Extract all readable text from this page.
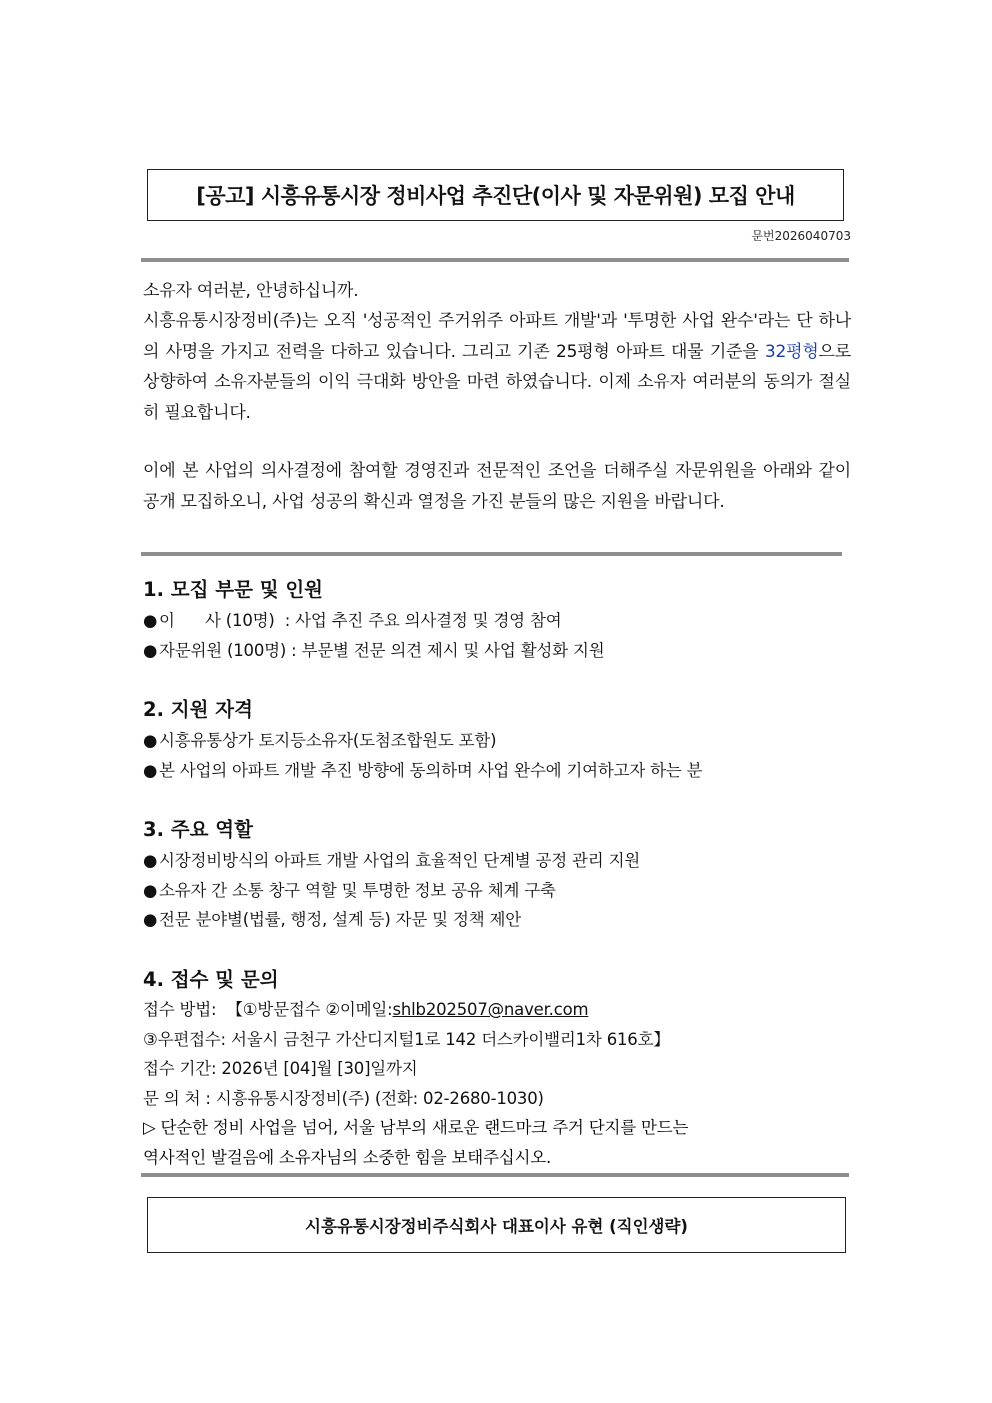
[공고] 시흥유통시장 정비사업 추진단(이사 및 자문위원) 모집 안내
문번2026040703

소유자 여러분, 안녕하십니까.

시흥유통시장정비(주)는 오직 '성공적인 주거위주 아파트 개발'과 '투명한 사업 완수'라는 단 하나의 사명을 가지고 전력을 다하고 있습니다. 그리고 기존 25평형 아파트 대물 기준을 32평형으로 상향하여 소유자분들의 이익 극대화 방안을 마련 하였습니다. 이제 소유자 여러분의 동의가 절실히 필요합니다.

이에 본 사업의 의사결정에 참여할 경영진과 전문적인 조언을 더해주실 자문위원을 아래와 같이 공개 모집하오니, 사업 성공의 확신과 열정을 가진 분들의 많은 지원을 바랍니다.

1. 모집 부문 및 인원
● 이      사 (10명)  : 사업 추진 주요 의사결정 및 경영 참여
● 자문위원 (100명) : 부문별 전문 의견 제시 및 사업 활성화 지원
2. 지원 자격
● 시흥유통상가 토지등소유자(도첨조합원도 포함)
● 본 사업의 아파트 개발 추진 방향에 동의하며 사업 완수에 기여하고자 하는 분
3. 주요 역할
● 시장정비방식의 아파트 개발 사업의 효율적인 단계별 공정 관리 지원
● 소유자 간 소통 창구 역할 및 투명한 정보 공유 체계 구축
● 전문 분야별(법률, 행정, 설계 등) 자문 및 정책 제안
4. 접수 및 문의
접수 방법:  【①방문접수 ②이메일:shlb202507@naver.com
③우편접수: 서울시 금천구 가산디지털1로 142 더스카이밸리1차 616호】
접수 기간: 2026년 [04]월 [30]일까지
문 의 처 : 시흥유통시장정비(주) (전화: 02-2680-1030)
▷ 단순한 정비 사업을 넘어, 서울 남부의 새로운 랜드마크 주거 단지를 만드는
역사적인 발걸음에 소유자님의 소중한 힘을 보태주십시오.
시흥유통시장정비주식회사 대표이사 유현 (직인생략)
